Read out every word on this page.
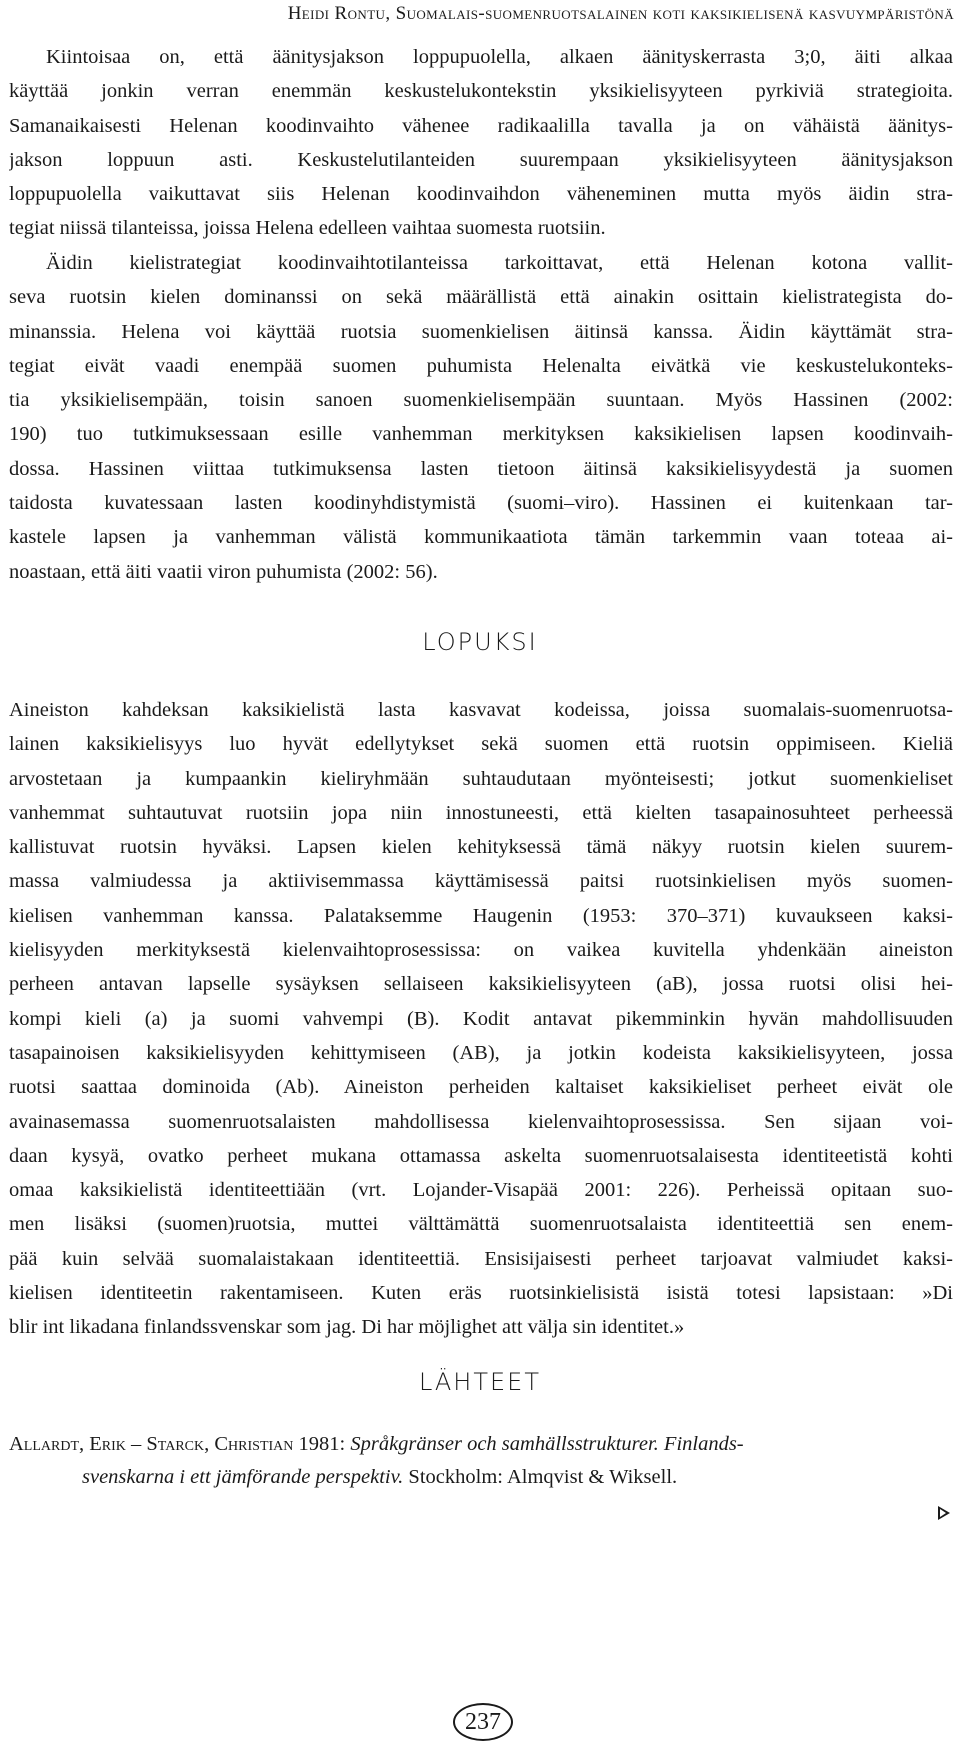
Heidi Rontu, Suomalais-suomenruotsalainen koti kaksikielisenä kasvuympäristönä
Kiintoisaa on, että äänitysjakson loppupuolella, alkaen äänityskerrasta 3;0, äiti alkaa
käyttää jonkin verran enemmän keskustelukontekstin yksikielisyyteen pyrkiviä strategioita.
Samanaikaisesti Helenan koodinvaihto vähenee radikaalilla tavalla ja on vähäistä äänitys-
jakson loppuun asti. Keskustelutilanteiden suurempaan yksikielisyyteen äänitysjakson
loppupuolella vaikuttavat siis Helenan koodinvaihdon väheneminen mutta myös äidin stra-
tegiat niissä tilanteissa, joissa Helena edelleen vaihtaa suomesta ruotsiin.
Äidin kielistrategiat koodinvaihtotilanteissa tarkoittavat, että Helenan kotona vallit-
seva ruotsin kielen dominanssi on sekä määrällistä että ainakin osittain kielistrategista do-
minanssia. Helena voi käyttää ruotsia suomenkielisen äitinsä kanssa. Äidin käyttämät stra-
tegiat eivät vaadi enempää suomen puhumista Helenalta eivätkä vie keskustelukonteks-
tia yksikielisempään, toisin sanoen suomenkielisempään suuntaan. Myös Hassinen (2002:
190) tuo tutkimuksessaan esille vanhemman merkityksen kaksikielisen lapsen koodinvaih-
dossa. Hassinen viittaa tutkimuksensa lasten tietoon äitinsä kaksikielisyydestä ja suomen
taidosta kuvatessaan lasten koodinyhdistymistä (suomi–viro). Hassinen ei kuitenkaan tar-
kastele lapsen ja vanhemman välistä kommunikaatiota tämän tarkemmin vaan toteaa ai-
noastaan, että äiti vaatii viron puhumista (2002: 56).
LOPUKSI
Aineiston kahdeksan kaksikielistä lasta kasvavat kodeissa, joissa suomalais-suomenruotsa-
lainen kaksikielisyys luo hyvät edellytykset sekä suomen että ruotsin oppimiseen. Kieliä
arvostetaan ja kumpaankin kieliryhmään suhtaudutaan myönteisesti; jotkut suomenkieliset
vanhemmat suhtautuvat ruotsiin jopa niin innostuneesti, että kielten tasapainosuhteet perheessä
kallistuvat ruotsin hyväksi. Lapsen kielen kehityksessä tämä näkyy ruotsin kielen suurem-
massa valmiudessa ja aktiivisemmassa käyttämisessä paitsi ruotsinkielisen myös suomen-
kielisen vanhemman kanssa. Palataksemme Haugenin (1953: 370–371) kuvaukseen kaksi-
kielisyyden merkityksestä kielenvaihtoprosessissa: on vaikea kuvitella yhdenkään aineiston
perheen antavan lapselle sysäyksen sellaiseen kaksikielisyyteen (aB), jossa ruotsi olisi hei-
kompi kieli (a) ja suomi vahvempi (B). Kodit antavat pikemminkin hyvän mahdollisuuden
tasapainoisen kaksikielisyyden kehittymiseen (AB), ja jotkin kodeista kaksikielisyyteen, jossa
ruotsi saattaa dominoida (Ab). Aineiston perheiden kaltaiset kaksikieliset perheet eivät ole
avainasemassa suomenruotsalaisten mahdollisessa kielenvaihtoprosessissa. Sen sijaan voi-
daan kysyä, ovatko perheet mukana ottamassa askelta suomenruotsalaisesta identiteetistä kohti
omaa kaksikielistä identiteettiään (vrt. Lojander-Visapää 2001: 226). Perheissä opitaan suo-
men lisäksi (suomen)ruotsia, muttei välttämättä suomenruotsalaista identiteettiä sen enem-
pää kuin selvää suomalaistakaan identiteettiä. Ensisijaisesti perheet tarjoavat valmiudet kaksi-
kielisen identiteetin rakentamiseen. Kuten eräs ruotsinkielisistä isistä totesi lapsistaan: »Di
blir int likadana finlandssvenskar som jag. Di har möjlighet att välja sin identitet.»
LÄHTEET
Allardt, Erik – Starck, Christian 1981: Språkgränser och samhällsstrukturer. Finlands-
svenskarna i ett jämförande perspektiv. Stockholm: Almqvist & Wiksell.
237
